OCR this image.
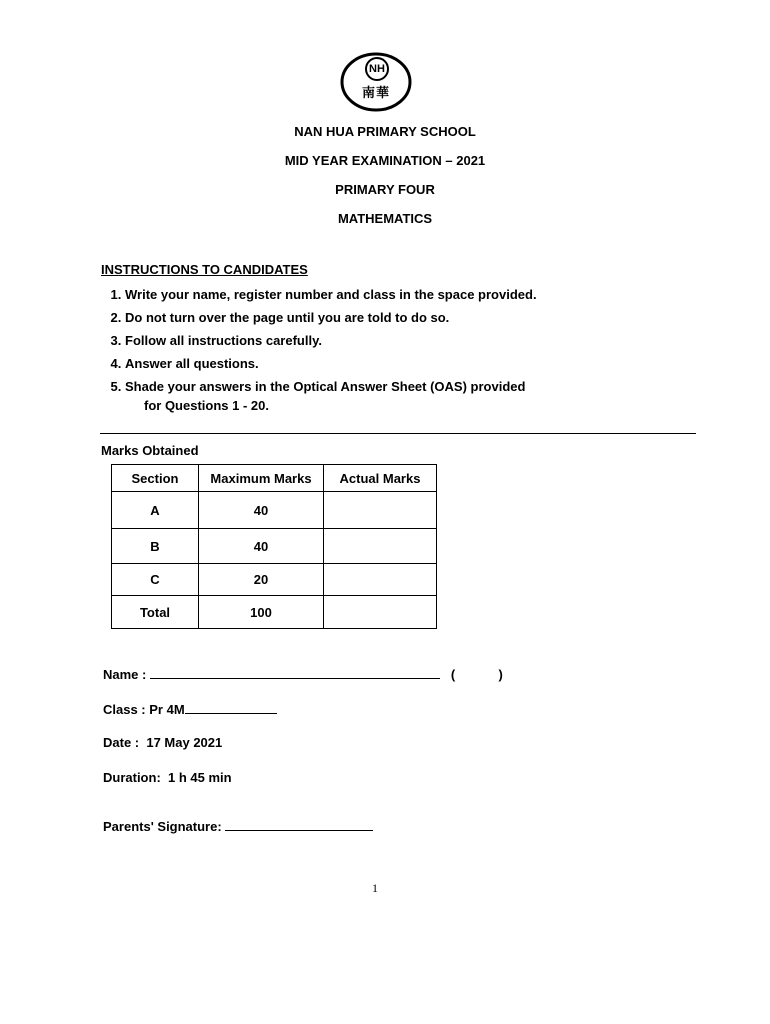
NH
南華
NAN HUA PRIMARY SCHOOL
MID YEAR EXAMINATION – 2021
PRIMARY FOUR
MATHEMATICS
INSTRUCTIONS TO CANDIDATES
1. Write your name, register number and class in the space provided.
2. Do not turn over the page until you are told to do so.
3. Follow all instructions carefully.
4. Answer all questions.
5. Shade your answers in the Optical Answer Sheet (OAS) provided
for Questions 1 - 20.
Marks Obtained
Section	Maximum Marks	Actual Marks
A	40	
B	40	
C	20	
Total	100	
Name :	(	)
Class : Pr 4M
Date : 17 May 2021
Duration: 1 h 45 min
Parents' Signature:
1
